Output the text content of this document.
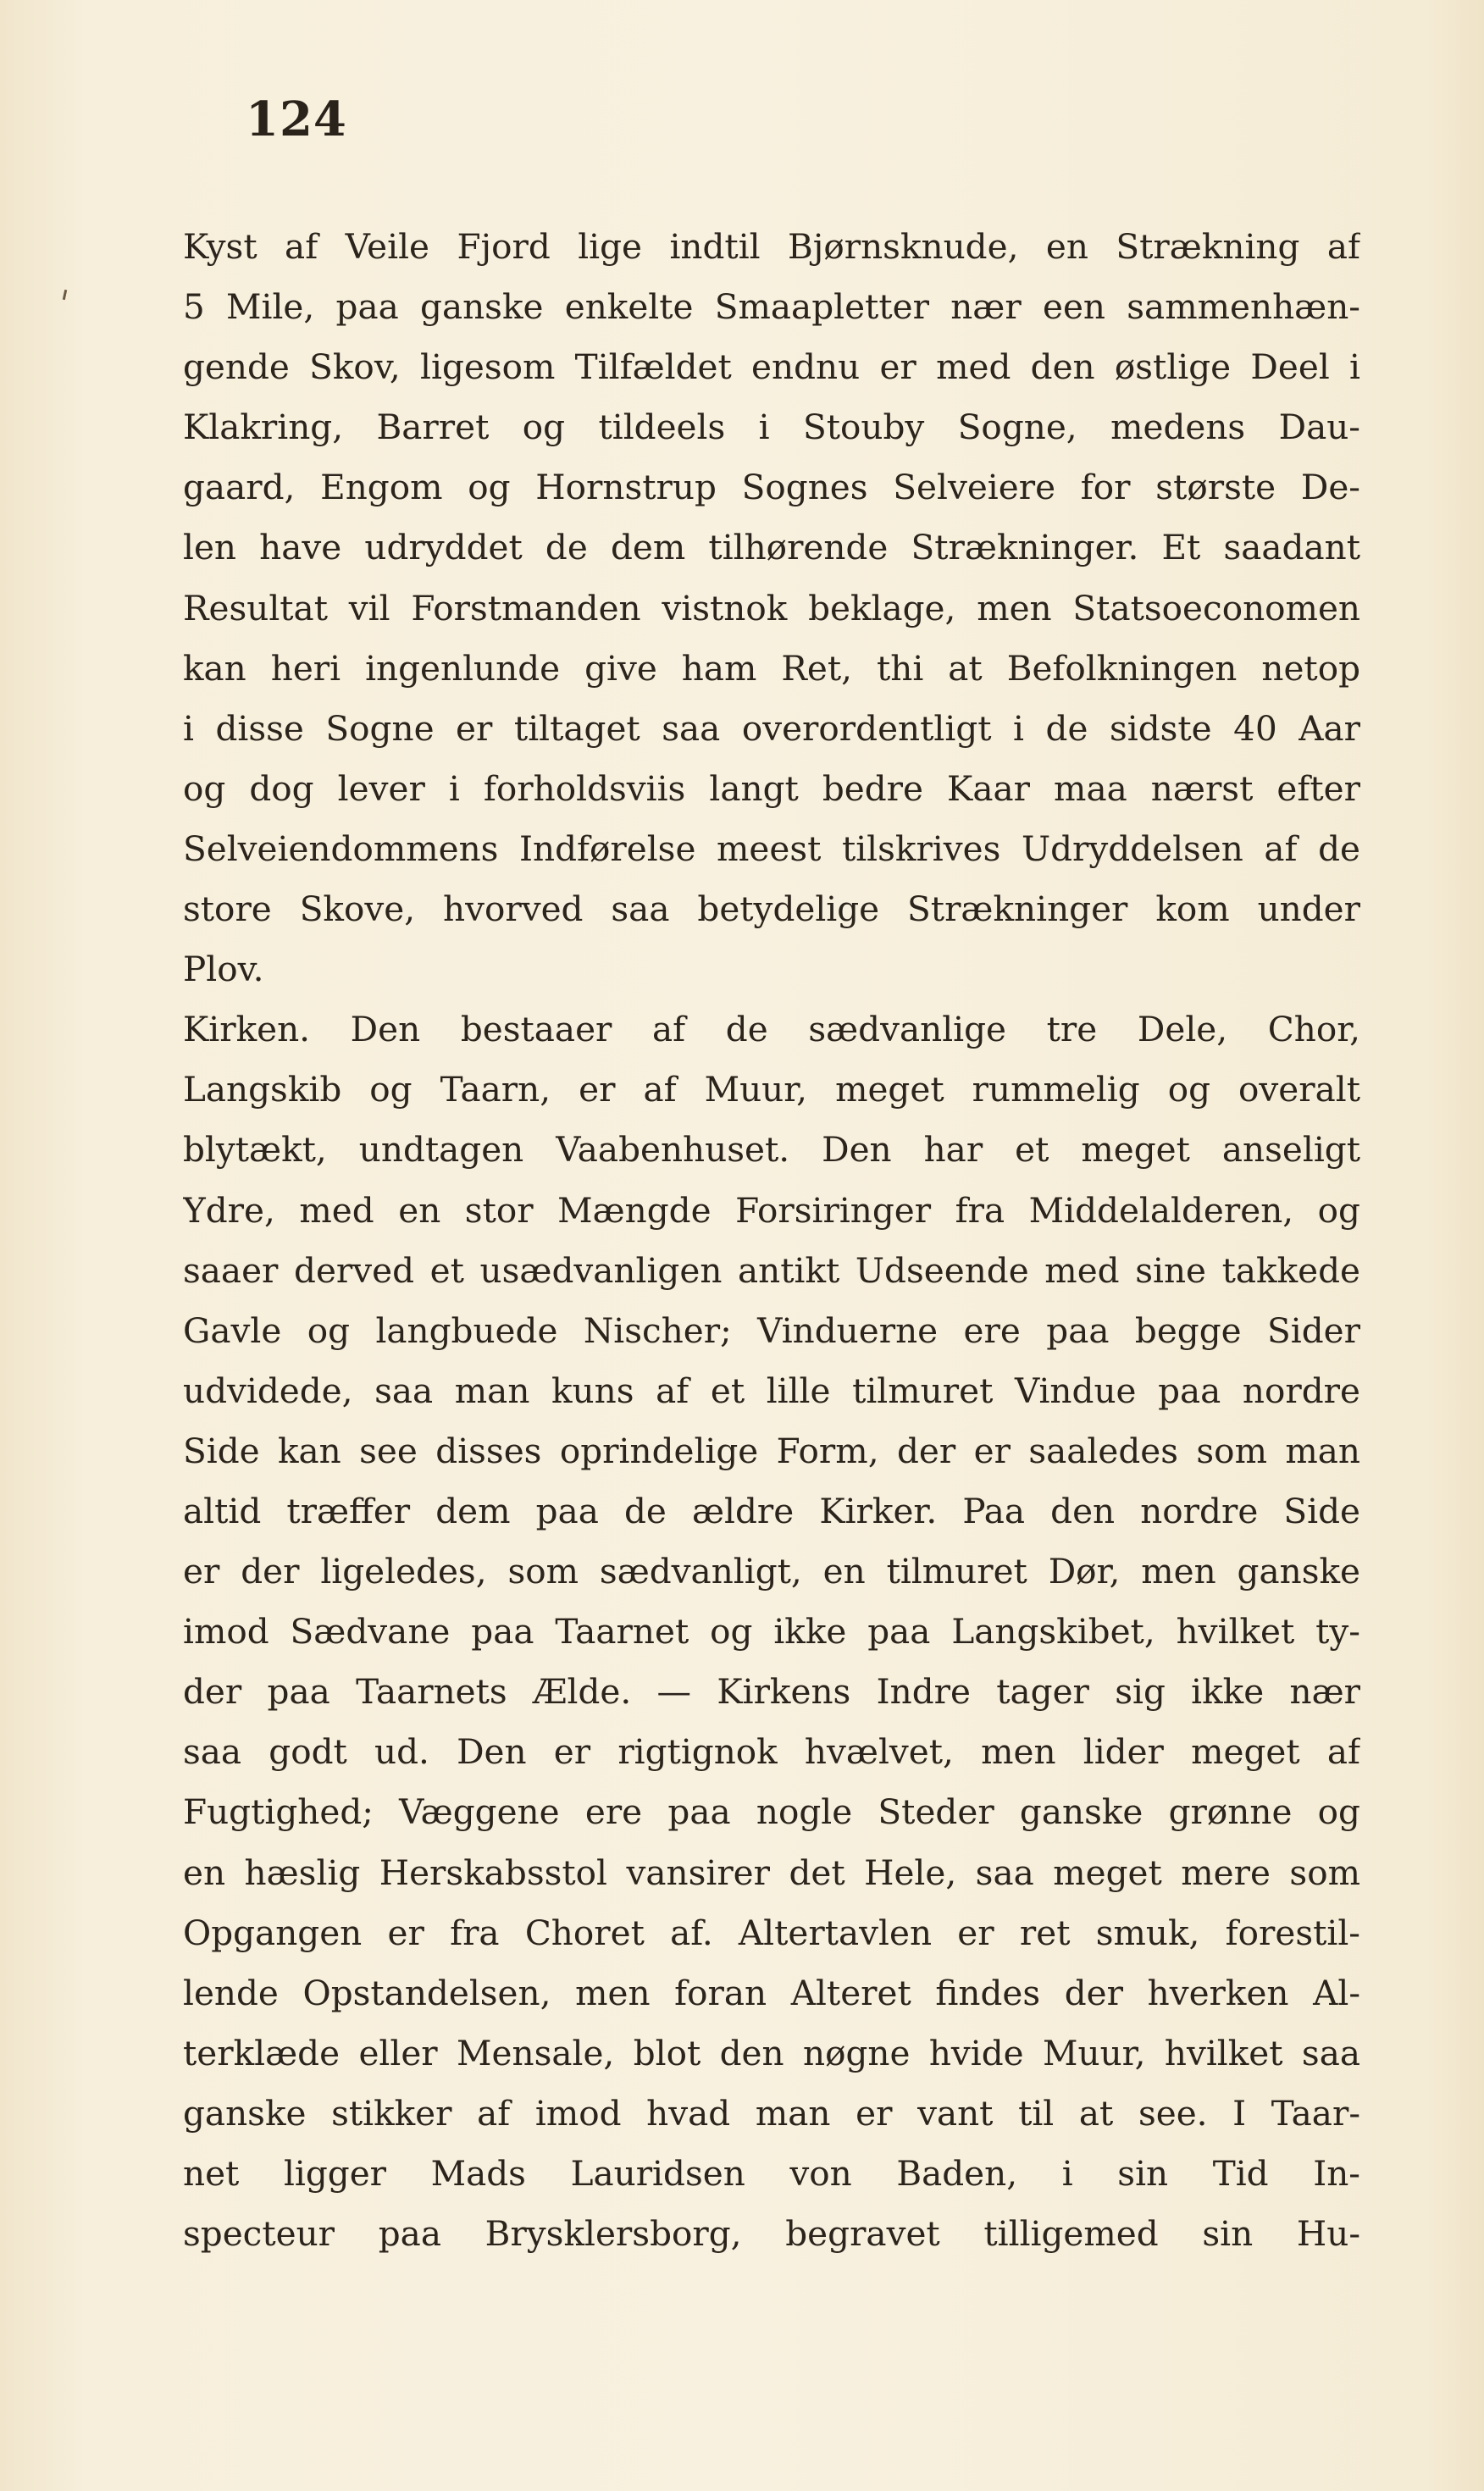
124
Kyst af Veile Fjord lige indtil Bjørnsknude, en Strækning af
5 Mile, paa ganske enkelte Smaapletter nær een sammenhæn-
gende Skov, ligesom Tilfældet endnu er med den østlige Deel i
Klakring, Barret og tildeels i Stouby Sogne, medens Dau-
gaard, Engom og Hornstrup Sognes Selveiere for største De-
len have udryddet de dem tilhørende Strækninger. Et saadant
Resultat vil Forstmanden vistnok beklage, men Statsoeconomen
kan heri ingenlunde give ham Ret, thi at Befolkningen netop
i disse Sogne er tiltaget saa overordentligt i de sidste 40 Aar
og dog lever i forholdsviis langt bedre Kaar maa nærst efter
Selveiendommens Indførelse meest tilskrives Udryddelsen af de
store Skove, hvorved saa betydelige Strækninger kom under
Plov.
Kirken. Den bestaaer af de sædvanlige tre Dele, Chor,
Langskib og Taarn, er af Muur, meget rummelig og overalt
blytækt, undtagen Vaabenhuset. Den har et meget anseligt
Ydre, med en stor Mængde Forsiringer fra Middelalderen, og
saaer derved et usædvanligen antikt Udseende med sine takkede
Gavle og langbuede Nischer; Vinduerne ere paa begge Sider
udvidede, saa man kuns af et lille tilmuret Vindue paa nordre
Side kan see disses oprindelige Form, der er saaledes som man
altid træffer dem paa de ældre Kirker. Paa den nordre Side
er der ligeledes, som sædvanligt, en tilmuret Dør, men ganske
imod Sædvane paa Taarnet og ikke paa Langskibet, hvilket ty-
der paa Taarnets Ælde. — Kirkens Indre tager sig ikke nær
saa godt ud. Den er rigtignok hvælvet, men lider meget af
Fugtighed; Væggene ere paa nogle Steder ganske grønne og
en hæslig Herskabsstol vansirer det Hele, saa meget mere som
Opgangen er fra Choret af. Altertavlen er ret smuk, forestil-
lende Opstandelsen, men foran Alteret findes der hverken Al-
terklæde eller Mensale, blot den nøgne hvide Muur, hvilket saa
ganske stikker af imod hvad man er vant til at see. I Taar-
net ligger Mads Lauridsen von Baden, i sin Tid In-
specteur paa Brysklersborg, begravet tilligemed sin Hu-
